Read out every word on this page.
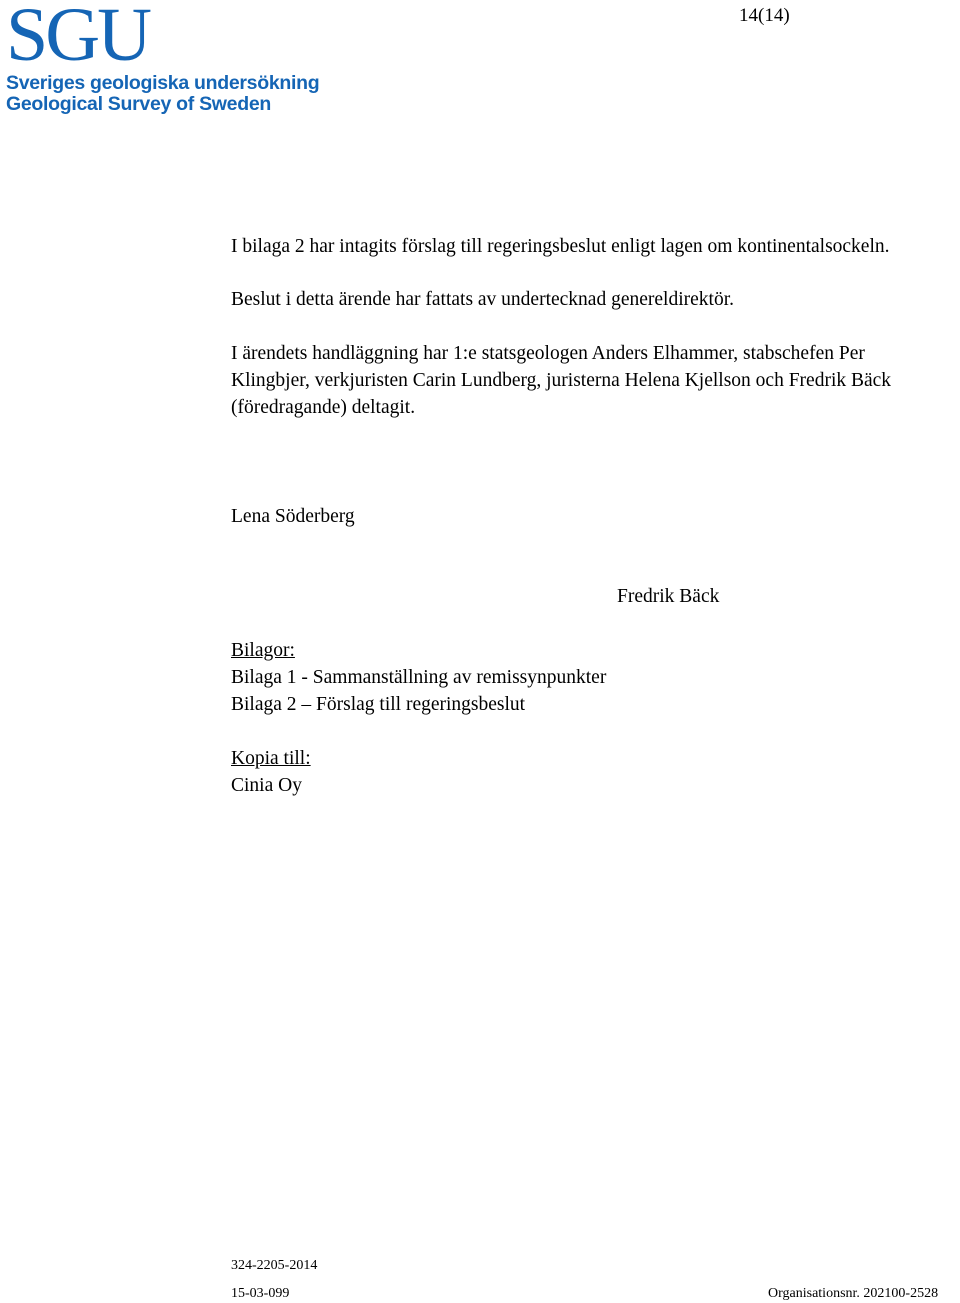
SGU
Sveriges geologiska undersökning
Geological Survey of Sweden
14(14)
I bilaga 2 har intagits förslag till regeringsbeslut enligt lagen om kontinentalsockeln.
Beslut i detta ärende har fattats av undertecknad genereldirektör.
I ärendets handläggning har 1:e statsgeologen Anders Elhammer, stabschefen Per Klingbjer, verkjuristen Carin Lundberg, juristerna Helena Kjellson och Fredrik Bäck (föredragande) deltagit.
Lena Söderberg
Fredrik Bäck
Bilagor:
Bilaga 1 - Sammanställning av remissynpunkter
Bilaga 2 – Förslag till regeringsbeslut
Kopia till:
Cinia Oy
324-2205-2014
15-03-099	Organisationsnr. 202100-2528
